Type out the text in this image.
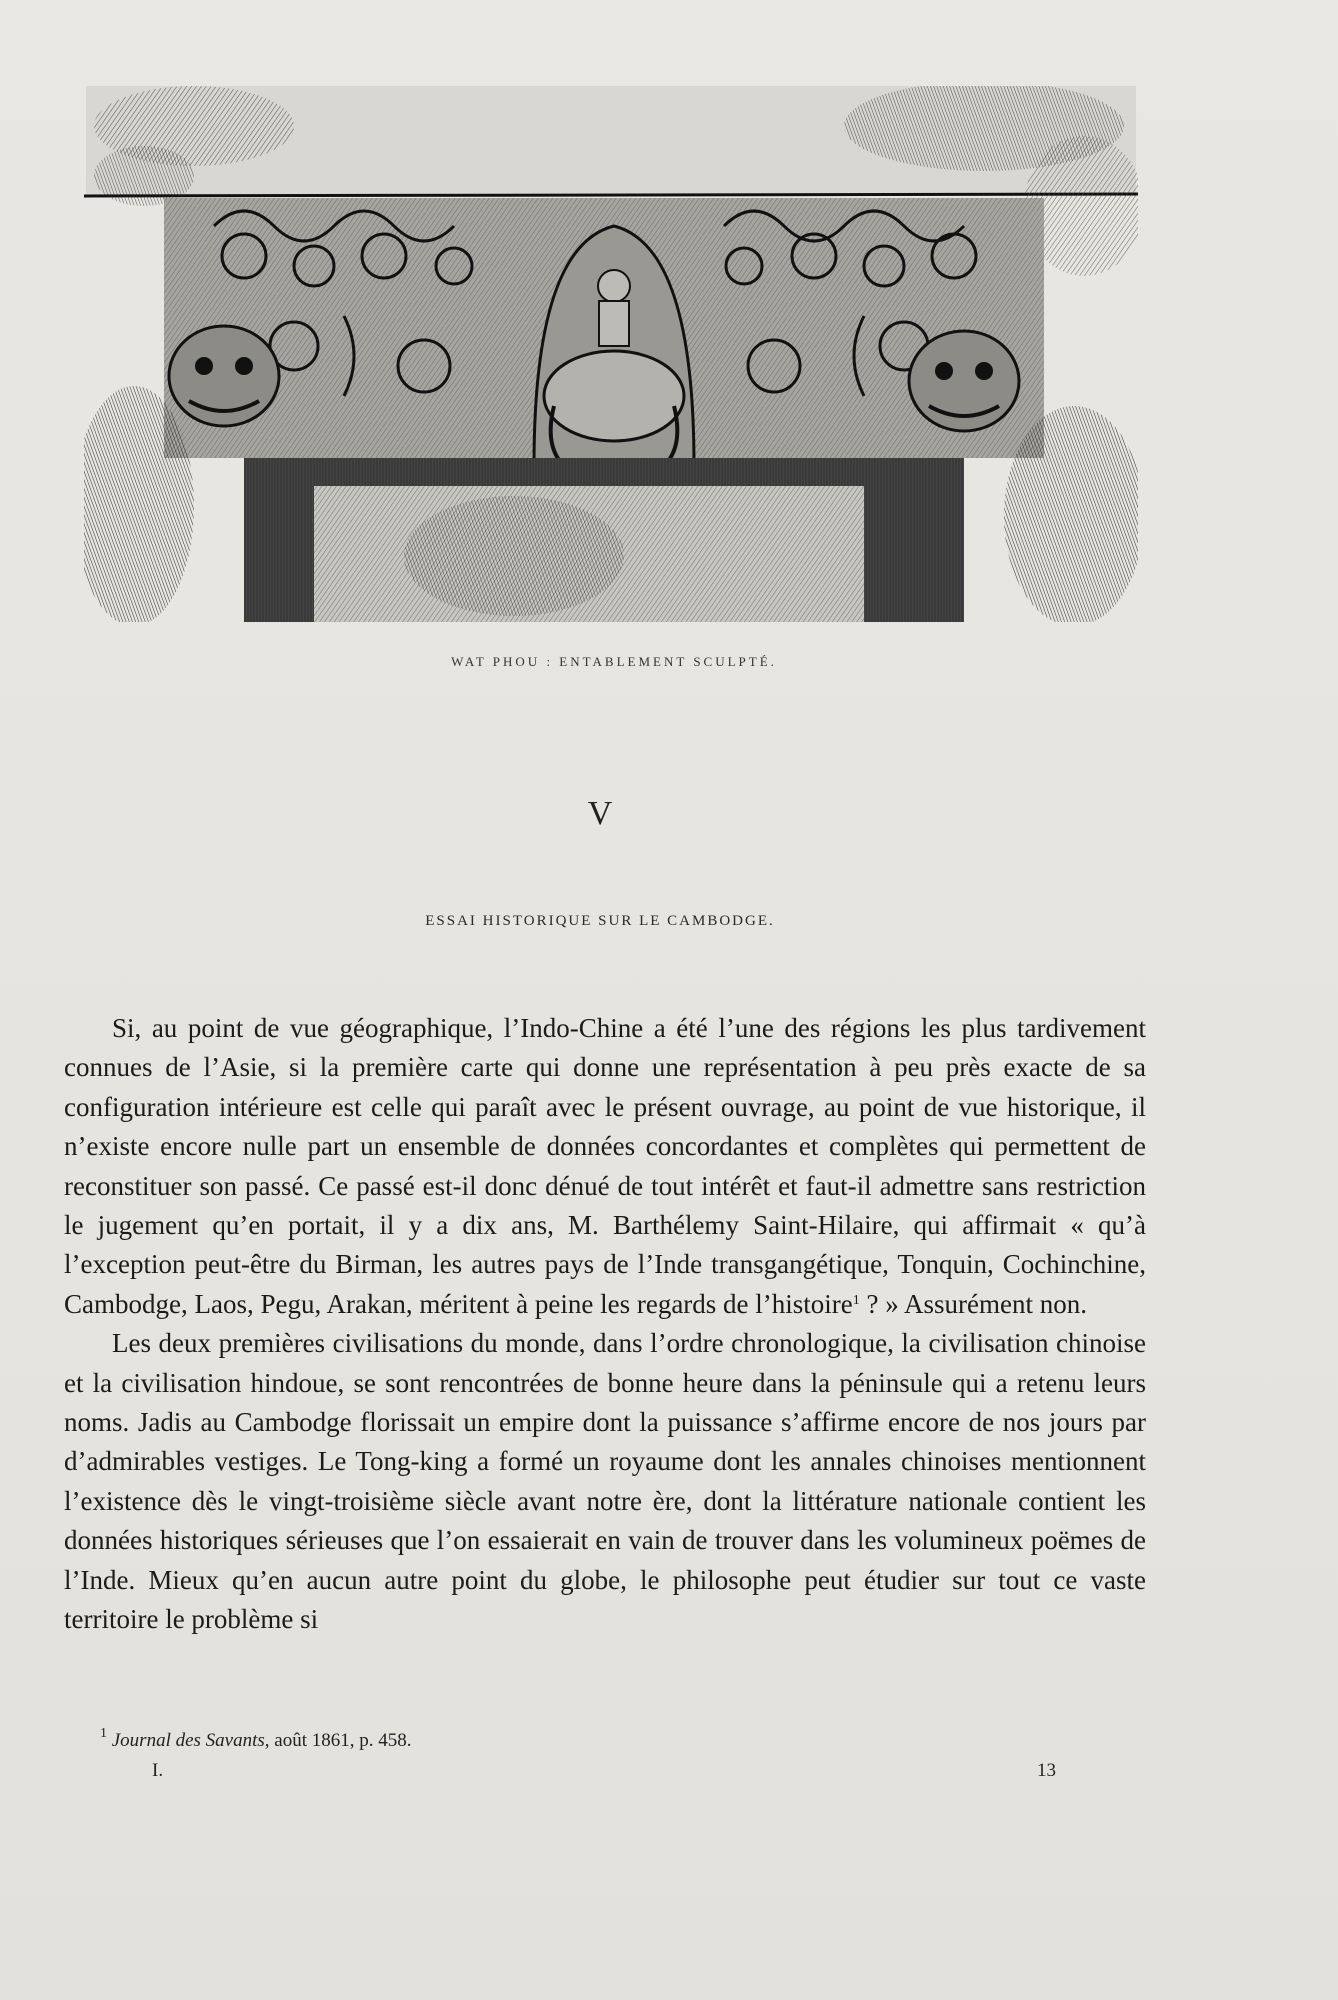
WAT PHOU : ENTABLEMENT SCULPTÉ.
V
ESSAI HISTORIQUE SUR LE CAMBODGE.

Si, au point de vue géographique, l’Indo-Chine a été l’une des régions les plus tardivement connues de l’Asie, si la première carte qui donne une représentation à peu près exacte de sa configuration intérieure est celle qui paraît avec le présent ouvrage, au point de vue historique, il n’existe encore nulle part un ensemble de données concordantes et complètes qui permettent de reconstituer son passé. Ce passé est-il donc dénué de tout intérêt et faut-il admettre sans restriction le jugement qu’en portait, il y a dix ans, M. Barthélemy Saint-Hilaire, qui affirmait « qu’à l’exception peut-être du Birman, les autres pays de l’Inde transgangétique, Tonquin, Cochinchine, Cambodge, Laos, Pegu, Arakan, méritent à peine les regards de l’histoire$^1$ ? » Assurément non.

Les deux premières civilisations du monde, dans l’ordre chronologique, la civilisation chinoise et la civilisation hindoue, se sont rencontrées de bonne heure dans la péninsule qui a retenu leurs noms. Jadis au Cambodge florissait un empire dont la puissance s’affirme encore de nos jours par d’admirables vestiges. Le Tong-king a formé un royaume dont les annales chinoises mentionnent l’existence dès le vingt-troisième siècle avant notre ère, dont la littérature nationale contient les données historiques sérieuses que l’on essaierait en vain de trouver dans les volumineux poëmes de l’Inde. Mieux qu’en aucun autre point du globe, le philosophe peut étudier sur tout ce vaste territoire le problème si

$^1$ Journal des Savants, août 1861, p. 458.
I.	13
